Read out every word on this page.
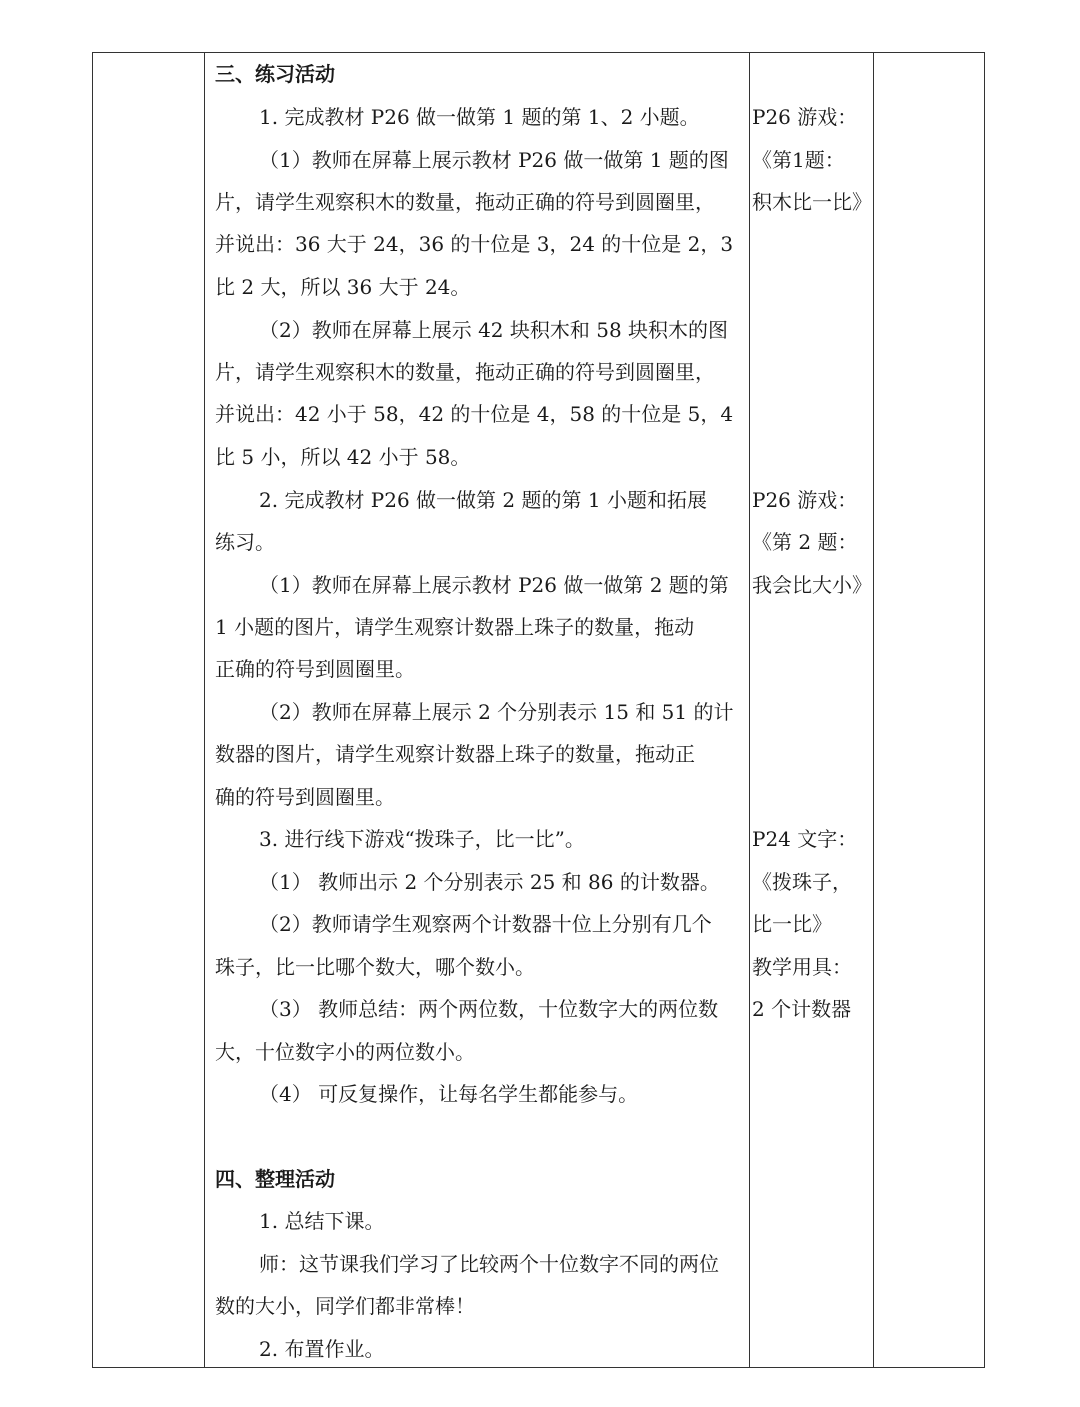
三、练习活动
1. 完成教材 P26 做一做第 1 题的第 1、2 小题。
（1）教师在屏幕上展示教材 P26 做一做第 1 题的图
片，请学生观察积木的数量，拖动正确的符号到圆圈里，
并说出：36 大于 24，36 的十位是 3，24 的十位是 2，3
比 2 大，所以 36 大于 24。
（2）教师在屏幕上展示 42 块积木和 58 块积木的图
片，请学生观察积木的数量，拖动正确的符号到圆圈里，
并说出：42 小于 58，42 的十位是 4，58 的十位是 5，4
比 5 小，所以 42 小于 58。
2. 完成教材 P26 做一做第 2 题的第 1 小题和拓展
练习。
（1）教师在屏幕上展示教材 P26 做一做第 2 题的第
1 小题的图片，请学生观察计数器上珠子的数量，拖动
正确的符号到圆圈里。
（2）教师在屏幕上展示 2 个分别表示 15 和 51 的计
数器的图片，请学生观察计数器上珠子的数量，拖动正
确的符号到圆圈里。
3. 进行线下游戏“拨珠子，比一比”。
（1） 教师出示 2 个分别表示 25 和 86 的计数器。
（2）教师请学生观察两个计数器十位上分别有几个
珠子，比一比哪个数大，哪个数小。
（3） 教师总结：两个两位数，十位数字大的两位数
大，十位数字小的两位数小。
（4） 可反复操作，让每名学生都能参与。
四、整理活动
1. 总结下课。
师：这节课我们学习了比较两个十位数字不同的两位
数的大小，同学们都非常棒！
2. 布置作业。
P26 游戏：
《第1题：
积木比一比》
P26 游戏：
《第 2 题：
我会比大小》
P24 文字：
《拨珠子，
比一比》
教学用具：
2 个计数器
